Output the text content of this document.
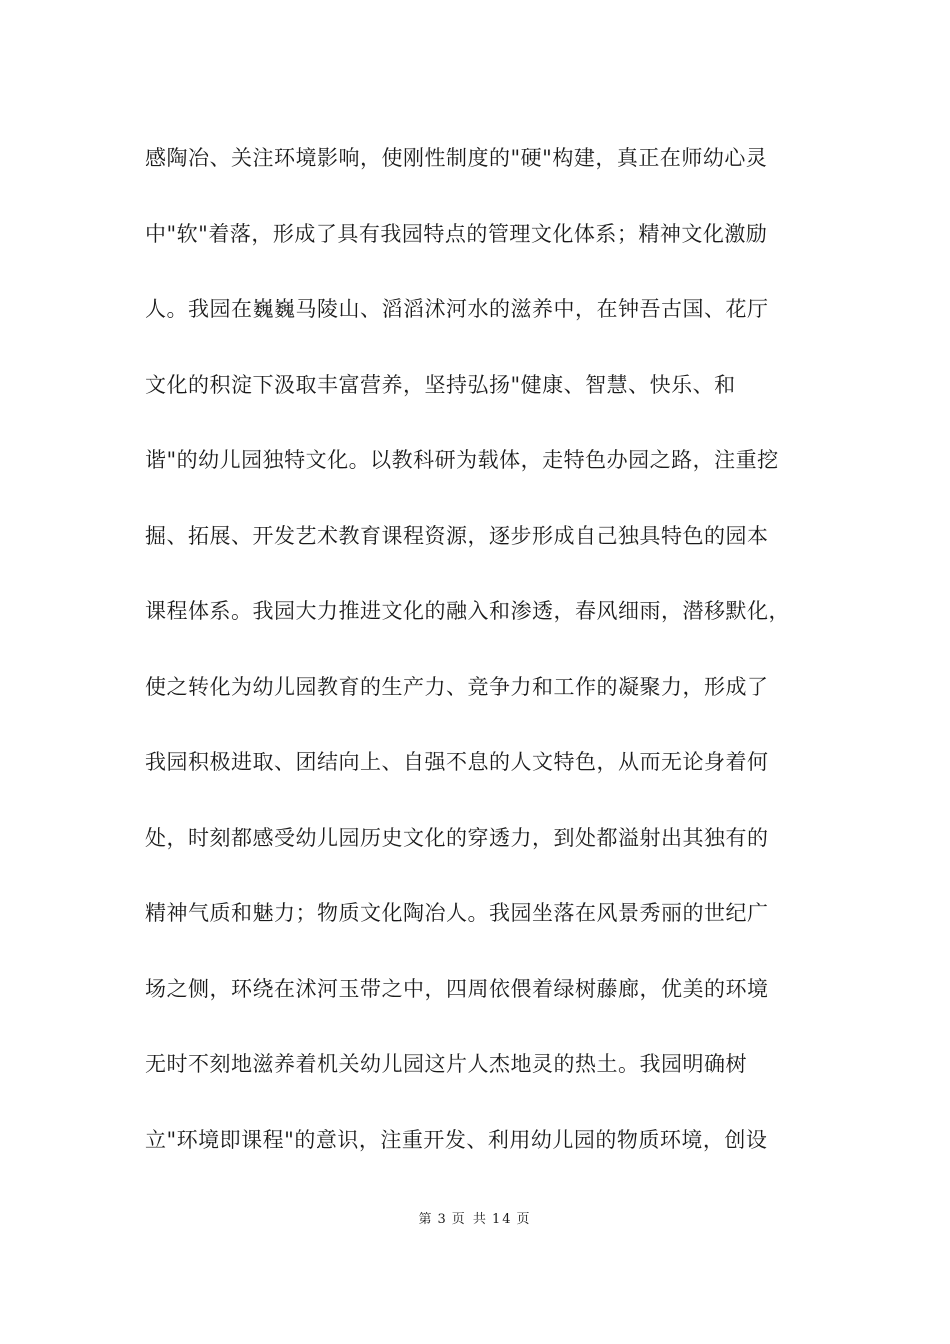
感陶冶、关注环境影响，使刚性制度的"硬"构建，真正在师幼心灵
中"软"着落，形成了具有我园特点的管理文化体系；精神文化激励
人。我园在巍巍马陵山、滔滔沭河水的滋养中，在钟吾古国、花厅
文化的积淀下汲取丰富营养，坚持弘扬"健康、智慧、快乐、和
谐"的幼儿园独特文化。以教科研为载体，走特色办园之路，注重挖
掘、拓展、开发艺术教育课程资源，逐步形成自己独具特色的园本
课程体系。我园大力推进文化的融入和渗透，春风细雨，潜移默化，
使之转化为幼儿园教育的生产力、竞争力和工作的凝聚力，形成了
我园积极进取、团结向上、自强不息的人文特色，从而无论身着何
处，时刻都感受幼儿园历史文化的穿透力，到处都溢射出其独有的
精神气质和魅力；物质文化陶冶人。我园坐落在风景秀丽的世纪广
场之侧，环绕在沭河玉带之中，四周依偎着绿树藤廊，优美的环境
无时不刻地滋养着机关幼儿园这片人杰地灵的热土。我园明确树
立"环境即课程"的意识，注重开发、利用幼儿园的物质环境，创设
第 3 页 共 14 页
